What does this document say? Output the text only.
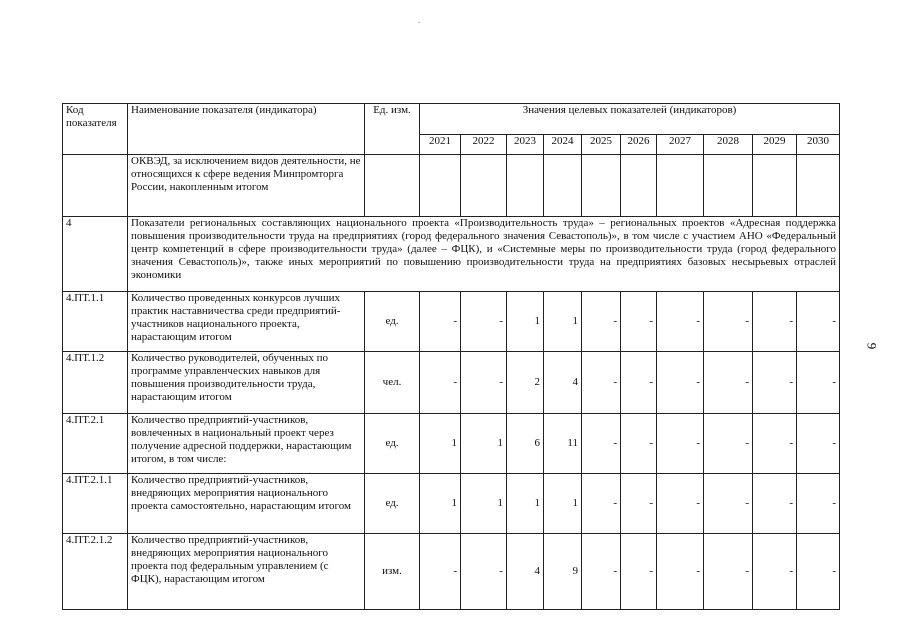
9
Код показателя	Наименование показателя (индикатора)	Ед. изм.	Значения целевых показателей (индикаторов)									
			2021	2022	2023	2024	2025	2026	2027	2028	2029	2030
	ОКВЭД, за исключением видов деятельности, не относящихся к сфере ведения Минпромторга России, накопленным итогом											
4	Показатели региональных составляющих национального проекта «Производительность труда» – региональных проектов «Адресная поддержка повышения производительности труда на предприятиях (город федерального значения Севастополь)», в том числе с участием АНО «Федеральный центр компетенций в сфере производительности труда» (далее – ФЦК), и «Системные меры по производительности труда (город федерального значения Севастополь)», также иных мероприятий по повышению производительности труда на предприятиях базовых несырьевых отраслей экономики											
4.ПТ.1.1	Количество проведенных конкурсов лучших практик наставничества среди предприятий-участников национального проекта, нарастающим итогом	ед.	-	-	1	1	-	-	-	-	-	-
4.ПТ.1.2	Количество руководителей, обученных по программе управленческих навыков для повышения производительности труда, нарастающим итогом	чел.	-	-	2	4	-	-	-	-	-	-
4.ПТ.2.1	Количество предприятий-участников, вовлеченных в национальный проект через получение адресной поддержки, нарастающим итогом, в том числе:	ед.	1	1	6	11	-	-	-	-	-	-
4.ПТ.2.1.1	Количество предприятий-участников, внедряющих мероприятия национального проекта самостоятельно, нарастающим итогом	ед.	1	1	1	1	-	-	-	-	-	-
4.ПТ.2.1.2	Количество предприятий-участников, внедряющих мероприятия национального проекта под федеральным управлением (с ФЦК), нарастающим итогом	изм.	-	-	4	9	-	-	-	-	-	-
